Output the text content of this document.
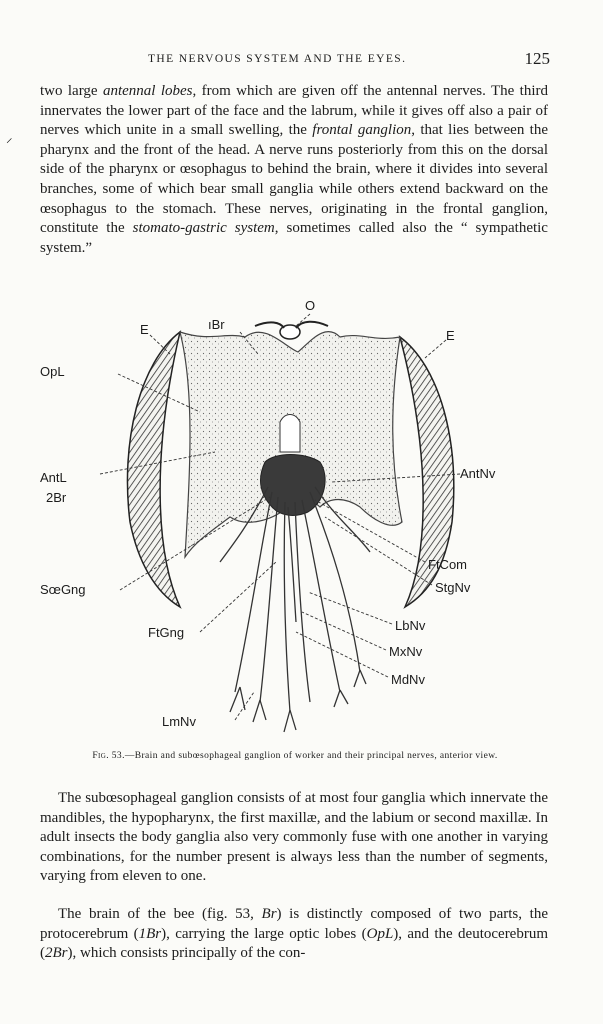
THE NERVOUS SYSTEM AND THE EYES.	125
⸝

two large antennal lobes, from which are given off the antennal nerves. The third innervates the lower part of the face and the labrum, while it gives off also a pair of nerves which unite in a small swelling, the frontal ganglion, that lies between the pharynx and the front of the head. A nerve runs posteriorly from this on the dorsal side of the pharynx or œsophagus to behind the brain, where it divides into several branches, some of which bear small ganglia while others extend backward on the œsophagus to the stomach. These nerves, originating in the frontal ganglion, constitute the stomato-gastric system, sometimes called also the “ sympathetic system.”

O
E	E
ıBr
OpL
AntL
2Br
AntNv
FtCom
SœGng	StgNv
FtGng	LbNv
MxNv
MdNv
LmNv
Fig. 53.—Brain and subœsophageal ganglion of worker and their principal nerves, anterior view.

The subœsophageal ganglion consists of at most four ganglia which innervate the mandibles, the hypopharynx, the first maxillæ, and the labium or second maxillæ. In adult insects the body ganglia also very commonly fuse with one another in varying combinations, for the number present is always less than the number of segments, varying from eleven to one.

The brain of the bee (fig. 53, Br) is distinctly composed of two parts, the protocerebrum (1Br), carrying the large optic lobes (OpL), and the deutocerebrum (2Br), which consists principally of the con-
